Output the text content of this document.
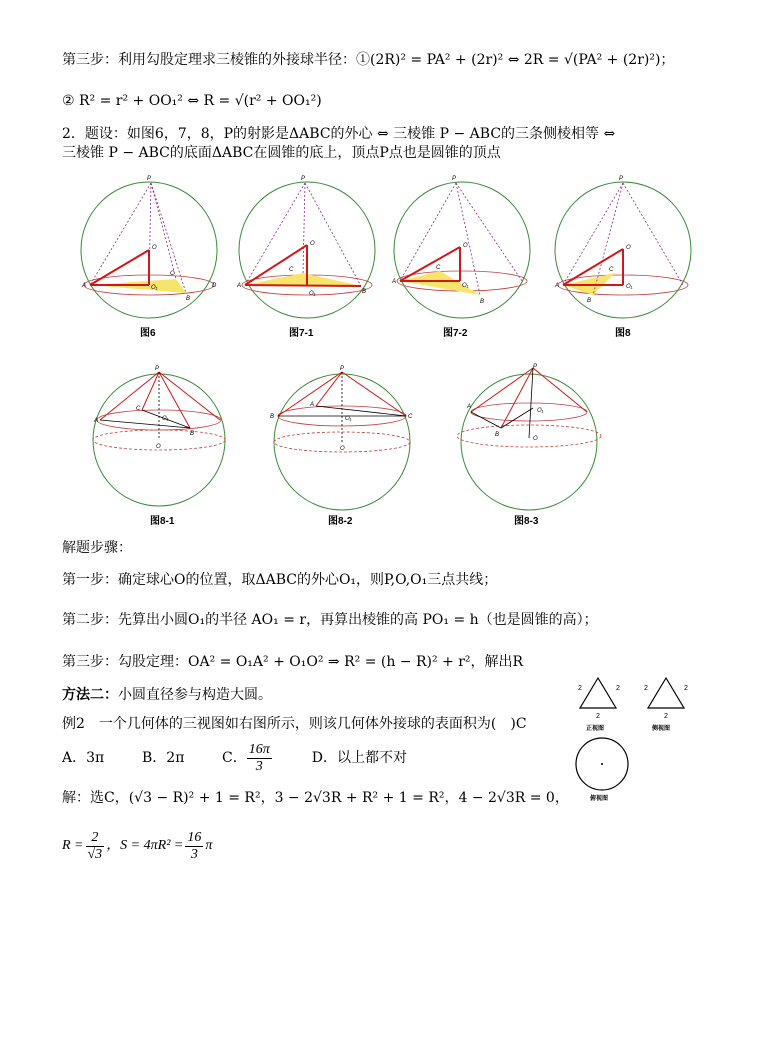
第三步：利用勾股定理求三棱锥的外接球半径：①(2R)² = PA² + (2r)² ⇔ 2R = √(PA² + (2r)²)；
② R² = r² + OO₁² ⇔ R = √(r² + OO₁²)
2．题设：如图6，7，8，P的射影是ΔABC的外心 ⇔ 三棱锥 P − ABC的三条侧棱相等 ⇔
三棱锥 P − ABC的底面ΔABC在圆锥的底上，顶点P点也是圆锥的顶点
P
O
O₁
A
B
C
D
图6
P
O
O₁
A
B
C
图7-1
P
O
O₁
A
B
C
图7-2
P
O
O₁
A
B
C
图8
P
O
O₁
A
B
C
图8-1
P
O
O₁
B	C
A
图8-2
P
O
O₁
A
B
图8-3
解题步骤：
第一步：确定球心O的位置，取ΔABC的外心O₁，则P,O,O₁三点共线；
第二步：先算出小圆O₁的半径 AO₁ = r，再算出棱锥的高 PO₁ = h（也是圆锥的高）；
第三步：勾股定理：OA² = O₁A² + O₁O² ⇒ R² = (h − R)² + r²，解出R
方法二：小圆直径参与构造大圆。
例2　一个几何体的三视图如右图所示，则该几何体外接球的表面积为(　)C
A．3π	B．2π	C． $\frac{16\pi}{3}$	D．以上都不对
解：选C，(√3 − R)² + 1 = R²，3 − 2√3R + R² + 1 = R²，4 − 2√3R = 0，
$R = \frac{2}{√3}$ ，$S = 4\pi R^2 = \frac{16}{3}$ π
2	2
2
正视图
2	2
2
侧视图
俯视图
